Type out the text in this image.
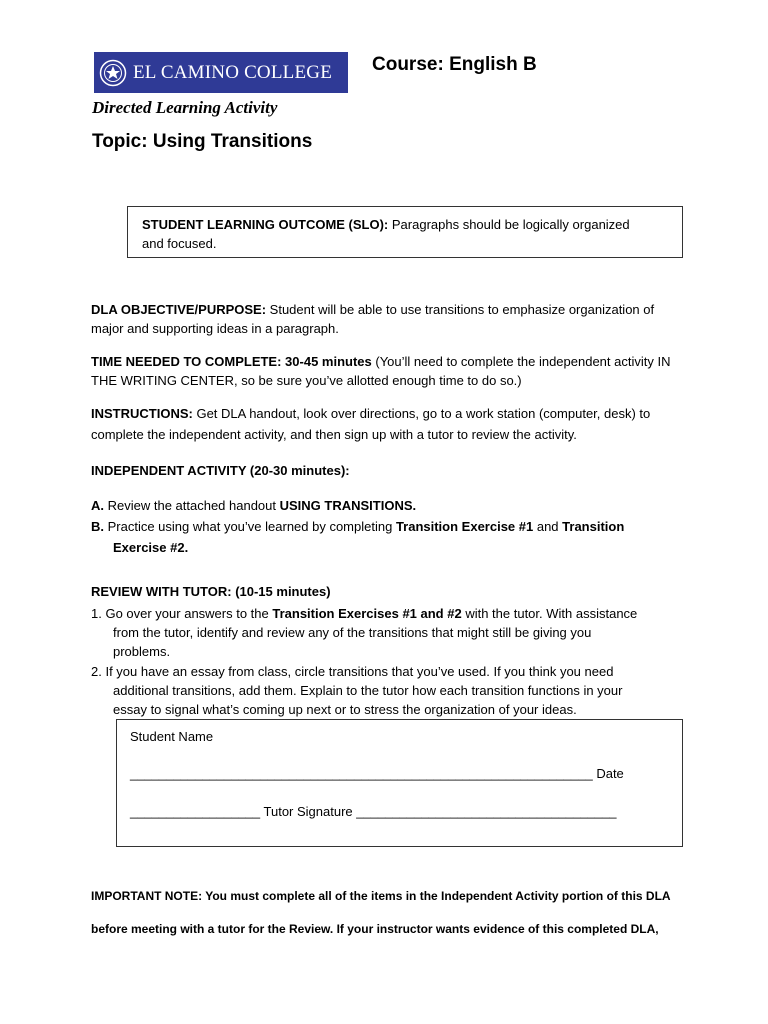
EL CAMINO COLLEGE Course: English B
Directed Learning Activity
Topic: Using Transitions
STUDENT LEARNING OUTCOME (SLO): Paragraphs should be logically organized
and focused.
DLA OBJECTIVE/PURPOSE: Student will be able to use transitions to emphasize organization of major and supporting ideas in a paragraph.
TIME NEEDED TO COMPLETE: 30-45 minutes (You’ll need to complete the independent activity IN THE WRITING CENTER, so be sure you’ve allotted enough time to do so.)
INSTRUCTIONS: Get DLA handout, look over directions, go to a work station (computer, desk) to complete the independent activity, and then sign up with a tutor to review the activity.
INDEPENDENT ACTIVITY (20-30 minutes):
A. Review the attached handout USING TRANSITIONS.
B. Practice using what you’ve learned by completing Transition Exercise #1 and Transition
Exercise #2.
REVIEW WITH TUTOR: (10-15 minutes)
1. Go over your answers to the Transition Exercises #1 and #2 with the tutor. With assistance
from the tutor, identify and review any of the transitions that might still be giving you
problems.
2. If you have an essay from class, circle transitions that you’ve used. If you think you need
additional transitions, add them. Explain to the tutor how each transition functions in your
essay to signal what’s coming up next or to stress the organization of your ideas.
Student Name
________________________________________________________________ Date
__________________ Tutor Signature ____________________________________
IMPORTANT NOTE: You must complete all of the items in the Independent Activity portion of this DLA
before meeting with a tutor for the Review. If your instructor wants evidence of this completed DLA,
